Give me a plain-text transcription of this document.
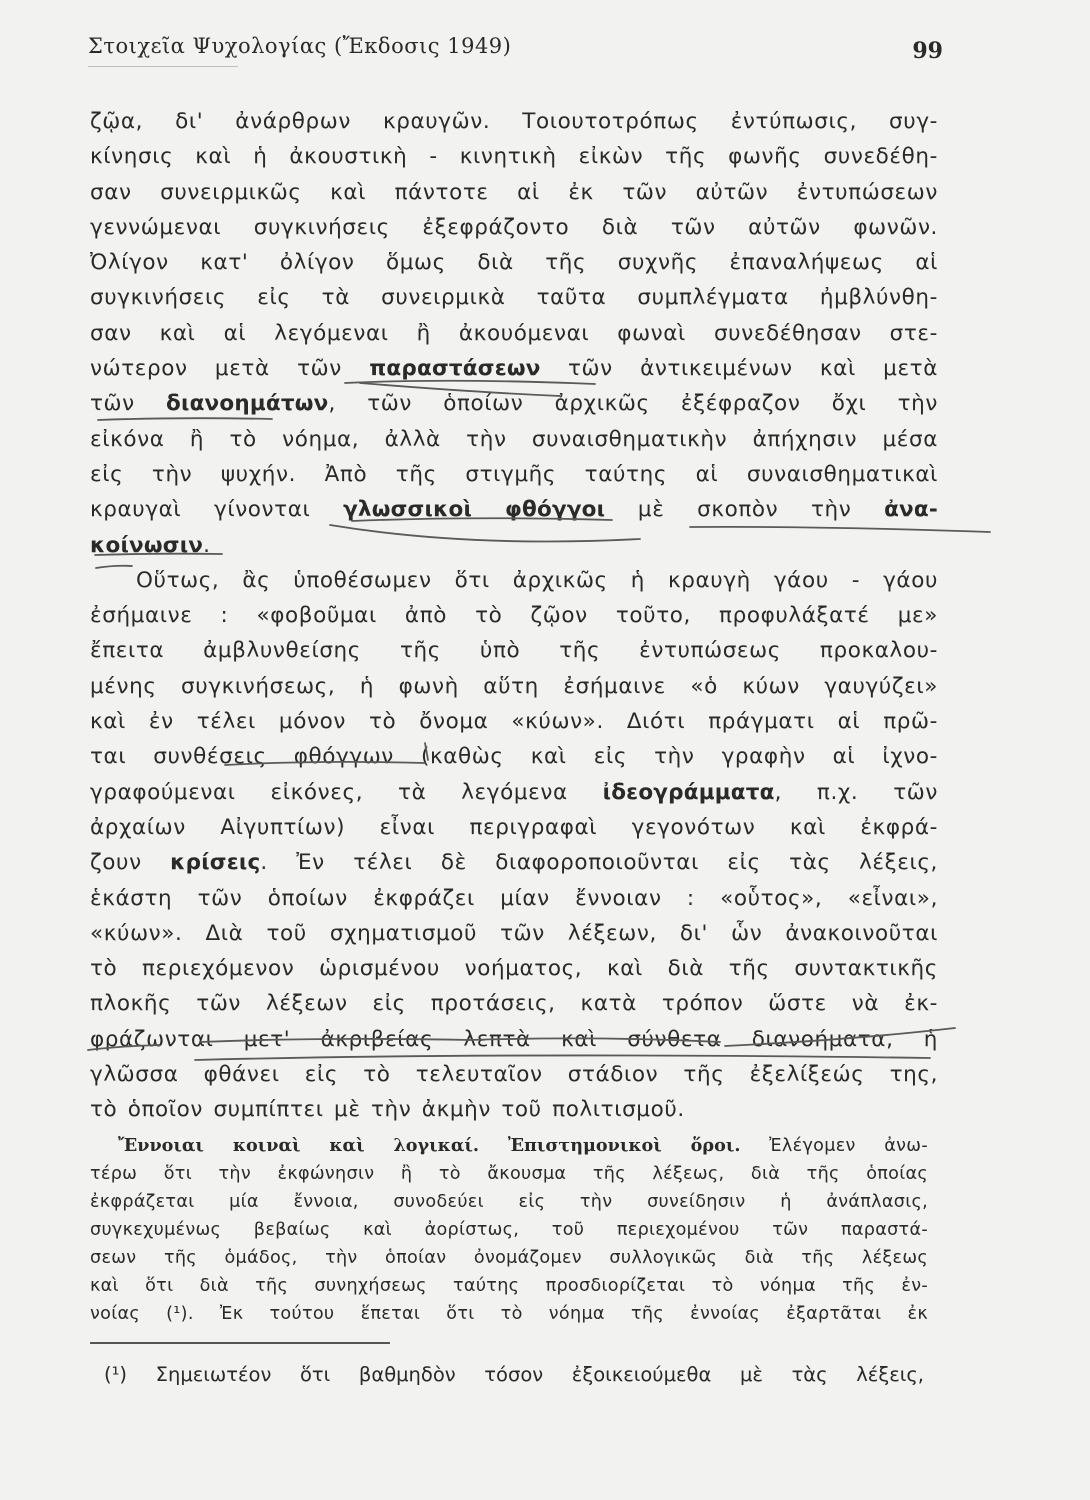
Στοιχεῖα Ψυχολογίας (Ἔκδοσις 1949)	99
ζῷα, δι' ἀνάρθρων κραυγῶν. Τοιουτοτρόπως ἐντύπωσις, συγ-
κίνησις καὶ ἡ ἀκουστικὴ - κινητικὴ εἰκὼν τῆς φωνῆς συνεδέθη-
σαν συνειρμικῶς καὶ πάντοτε αἱ ἐκ τῶν αὐτῶν ἐντυπώσεων
γεννώμεναι συγκινήσεις ἐξεφράζοντο διὰ τῶν αὐτῶν φωνῶν.
Ὀλίγον κατ' ὀλίγον ὅμως διὰ τῆς συχνῆς ἐπαναλήψεως αἱ
συγκινήσεις εἰς τὰ συνειρμικὰ ταῦτα συμπλέγματα ἠμβλύνθη-
σαν καὶ αἱ λεγόμεναι ἢ ἀκουόμεναι φωναὶ συνεδέθησαν στε-
νώτερον μετὰ τῶν παραστάσεων τῶν ἀντικειμένων καὶ μετὰ
τῶν διανοημάτων, τῶν ὁποίων ἀρχικῶς ἐξέφραζον ὄχι τὴν
εἰκόνα ἢ τὸ νόημα, ἀλλὰ τὴν συναισθηματικὴν ἀπήχησιν μέσα
εἰς τὴν ψυχήν. Ἀπὸ τῆς στιγμῆς ταύτης αἱ συναισθηματικαὶ
κραυγαὶ γίνονται γλωσσικοὶ φθόγγοι μὲ σκοπὸν τὴν ἀνα-
κοίνωσιν.
Οὕτως, ἂς ὑποθέσωμεν ὅτι ἀρχικῶς ἡ κραυγὴ γάου - γάου
ἐσήμαινε : «φοβοῦμαι ἀπὸ τὸ ζῷον τοῦτο, προφυλάξατέ με»
ἔπειτα ἀμβλυνθείσης τῆς ὑπὸ τῆς ἐντυπώσεως προκαλου-
μένης συγκινήσεως, ἡ φωνὴ αὕτη ἐσήμαινε «ὁ κύων γαυγύζει»
καὶ ἐν τέλει μόνον τὸ ὄνομα «κύων». Διότι πράγματι αἱ πρῶ-
ται συνθέσεις φθόγγων (καθὼς καὶ εἰς τὴν γραφὴν αἱ ἰχνο-
γραφούμεναι εἰκόνες, τὰ λεγόμενα ἰδεογράμματα, π.χ. τῶν
ἀρχαίων Αἰγυπτίων) εἶναι περιγραφαὶ γεγονότων καὶ ἐκφρά-
ζουν κρίσεις. Ἐν τέλει δὲ διαφοροποιοῦνται εἰς τὰς λέξεις,
ἑκάστη τῶν ὁποίων ἐκφράζει μίαν ἔννοιαν : «οὗτος», «εἶναι»,
«κύων». Διὰ τοῦ σχηματισμοῦ τῶν λέξεων, δι' ὧν ἀνακοινοῦται
τὸ περιεχόμενον ὡρισμένου νοήματος, καὶ διὰ τῆς συντακτικῆς
πλοκῆς τῶν λέξεων εἰς προτάσεις, κατὰ τρόπον ὥστε νὰ ἐκ-
φράζωνται μετ' ἀκριβείας λεπτὰ καὶ σύνθετα διανοήματα, ἡ
γλῶσσα φθάνει εἰς τὸ τελευταῖον στάδιον τῆς ἐξελίξεώς της,
τὸ ὁποῖον συμπίπτει μὲ τὴν ἀκμὴν τοῦ πολιτισμοῦ.
Ἔννοιαι κοιναὶ καὶ λογικαί. Ἐπιστημονικοὶ ὅροι. Ἐλέγομεν ἀνω-
τέρω ὅτι τὴν ἐκφώνησιν ἢ τὸ ἄκουσμα τῆς λέξεως, διὰ τῆς ὁποίας
ἐκφράζεται μία ἔννοια, συνοδεύει εἰς τὴν συνείδησιν ἡ ἀνάπλασις,
συγκεχυμένως βεβαίως καὶ ἀορίστως, τοῦ περιεχομένου τῶν παραστά-
σεων τῆς ὁμάδος, τὴν ὁποίαν ὀνομάζομεν συλλογικῶς διὰ τῆς λέξεως
καὶ ὅτι διὰ τῆς συνηχήσεως ταύτης προσδιορίζεται τὸ νόημα τῆς ἐν-
νοίας (¹). Ἐκ τούτου ἕπεται ὅτι τὸ νόημα τῆς ἐννοίας ἐξαρτᾶται ἐκ
(¹) Σημειωτέον ὅτι βαθμηδὸν τόσον ἐξοικειούμεθα μὲ τὰς λέξεις,
